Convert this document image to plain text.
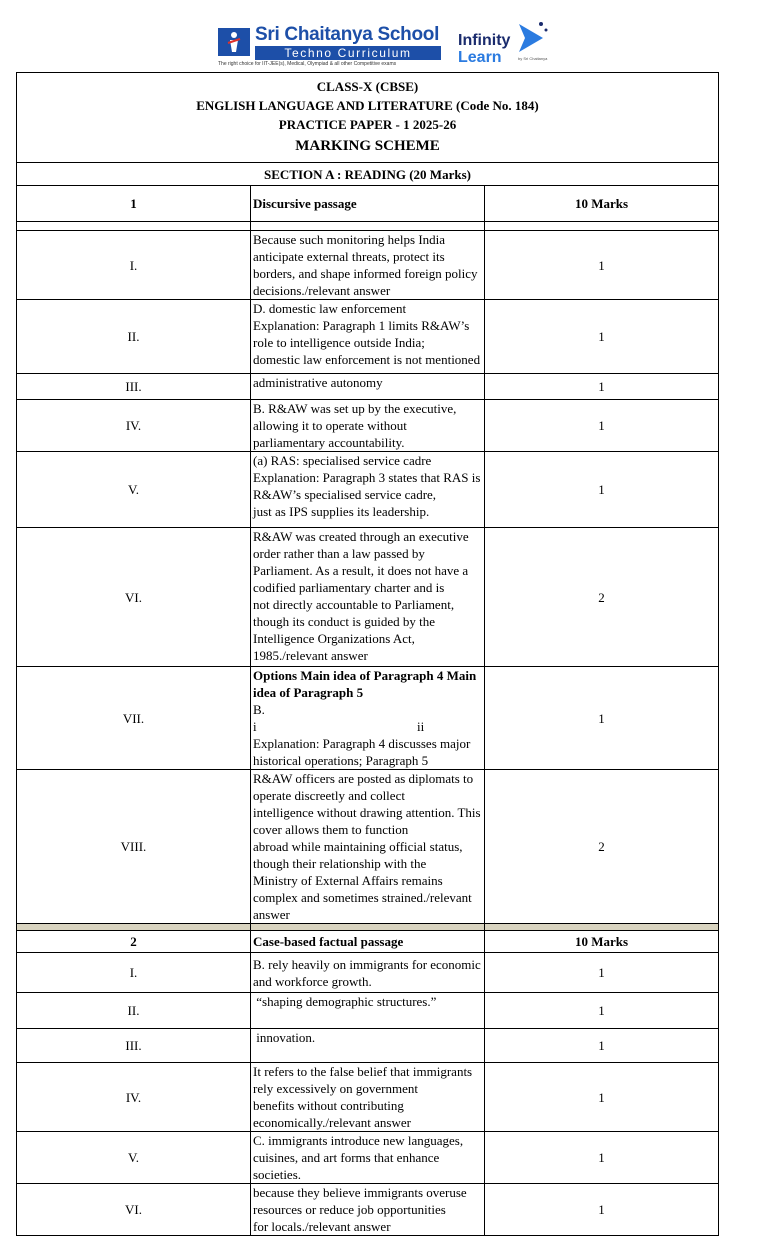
Sri Chaitanya School
Techno Curriculum
The right choice for IIT-JEE(s), Medical, Olympiad & all other Competitive exams
Infinity
Learn	by Sri Chaitanya
CLASS-X (CBSE)
ENGLISH LANGUAGE AND LITERATURE (Code No. 184)
PRACTICE PAPER - 1 2025-26
MARKING SCHEME		

SECTION A : READING (20 Marks)		
1	Discursive passage	10 Marks

I.	Because such monitoring helps India anticipate external threats, protect its
borders, and shape informed foreign policy decisions./relevant answer	1
II.	D. domestic law enforcement
Explanation: Paragraph 1 limits R&AW’s role to intelligence outside India;
domestic law enforcement is not mentioned	1
III.	administrative autonomy	1
IV.	B. R&AW was set up by the executive, allowing it to operate without
parliamentary accountability.	1
V.	(a) RAS: specialised service cadre
Explanation: Paragraph 3 states that RAS is R&AW’s specialised service cadre,
just as IPS supplies its leadership.	1
VI.	R&AW was created through an executive order rather than a law passed by
Parliament. As a result, it does not have a codified parliamentary charter and is
not directly accountable to Parliament, though its conduct is guided by the
Intelligence Organizations Act, 1985./relevant answer	2
VII.	Options Main idea of Paragraph 4 Main idea of Paragraph 5
B.i ii
Explanation: Paragraph 4 discusses major historical operations; Paragraph 5	1
VIII.	R&AW officers are posted as diplomats to operate discreetly and collect
intelligence without drawing attention. This cover allows them to function
abroad while maintaining official status, though their relationship with the
Ministry of External Affairs remains complex and sometimes strained./relevant
answer	2

2	Case-based factual passage	10 Marks
I.	B. rely heavily on immigrants for economic and workforce growth.	1
II.	“shaping demographic structures.”	1
III.	innovation.	1
IV.	It refers to the false belief that immigrants rely excessively on government
benefits without contributing economically./relevant answer	1
V.	C. immigrants introduce new languages, cuisines, and art forms that enhance
societies.	1
VI.	because they believe immigrants overuse resources or reduce job opportunities
for locals./relevant answer	1
